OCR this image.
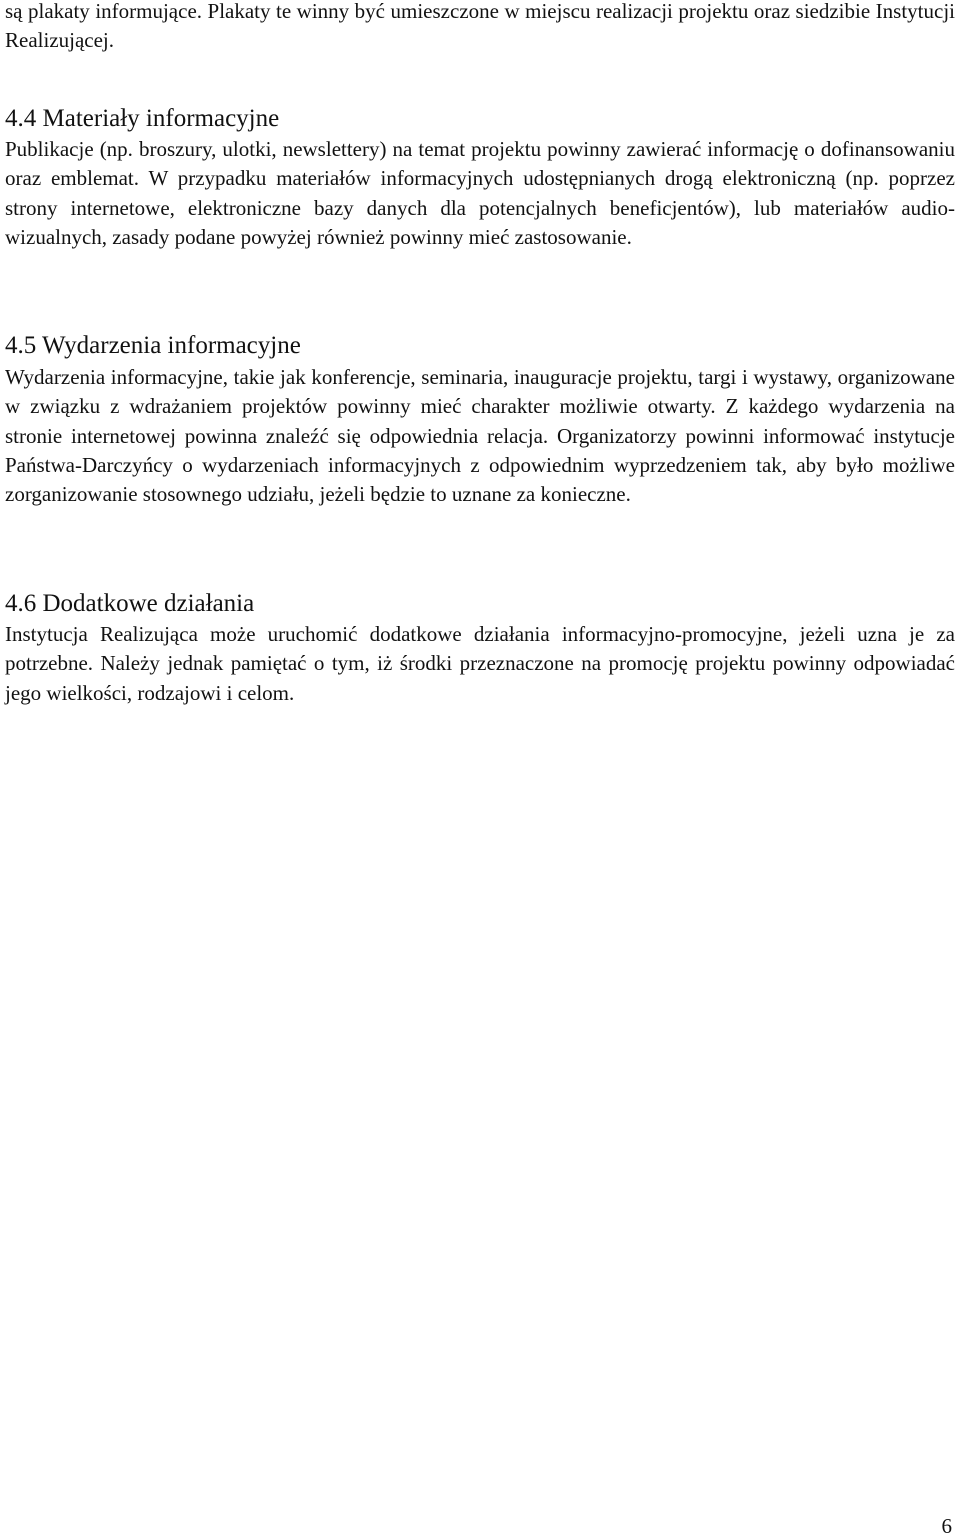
są plakaty informujące. Plakaty te winny być umieszczone w miejscu realizacji projektu oraz siedzibie Instytucji Realizującej.

4.4 Materiały informacyjne

Publikacje (np. broszury, ulotki, newslettery) na temat projektu powinny zawierać informację o dofinansowaniu oraz emblemat. W przypadku materiałów informacyjnych udostępnianych drogą elektroniczną (np. poprzez strony internetowe, elektroniczne bazy danych dla potencjalnych beneficjentów), lub materiałów audio-wizualnych, zasady podane powyżej również powinny mieć zastosowanie.

4.5 Wydarzenia informacyjne

Wydarzenia informacyjne, takie jak konferencje, seminaria, inauguracje projektu, targi i wystawy, organizowane w związku z wdrażaniem projektów powinny mieć charakter możliwie otwarty. Z każdego wydarzenia na stronie internetowej powinna znaleźć się odpowiednia relacja. Organizatorzy powinni informować instytucje Państwa-Darczyńcy o wydarzeniach informacyjnych z odpowiednim wyprzedzeniem tak, aby było możliwe zorganizowanie stosownego udziału, jeżeli będzie to uznane za konieczne.

4.6 Dodatkowe działania

Instytucja Realizująca może uruchomić dodatkowe działania informacyjno-promocyjne, jeżeli uzna je za potrzebne. Należy jednak pamiętać o tym, iż środki przeznaczone na promocję projektu powinny odpowiadać jego wielkości, rodzajowi i celom.

6
